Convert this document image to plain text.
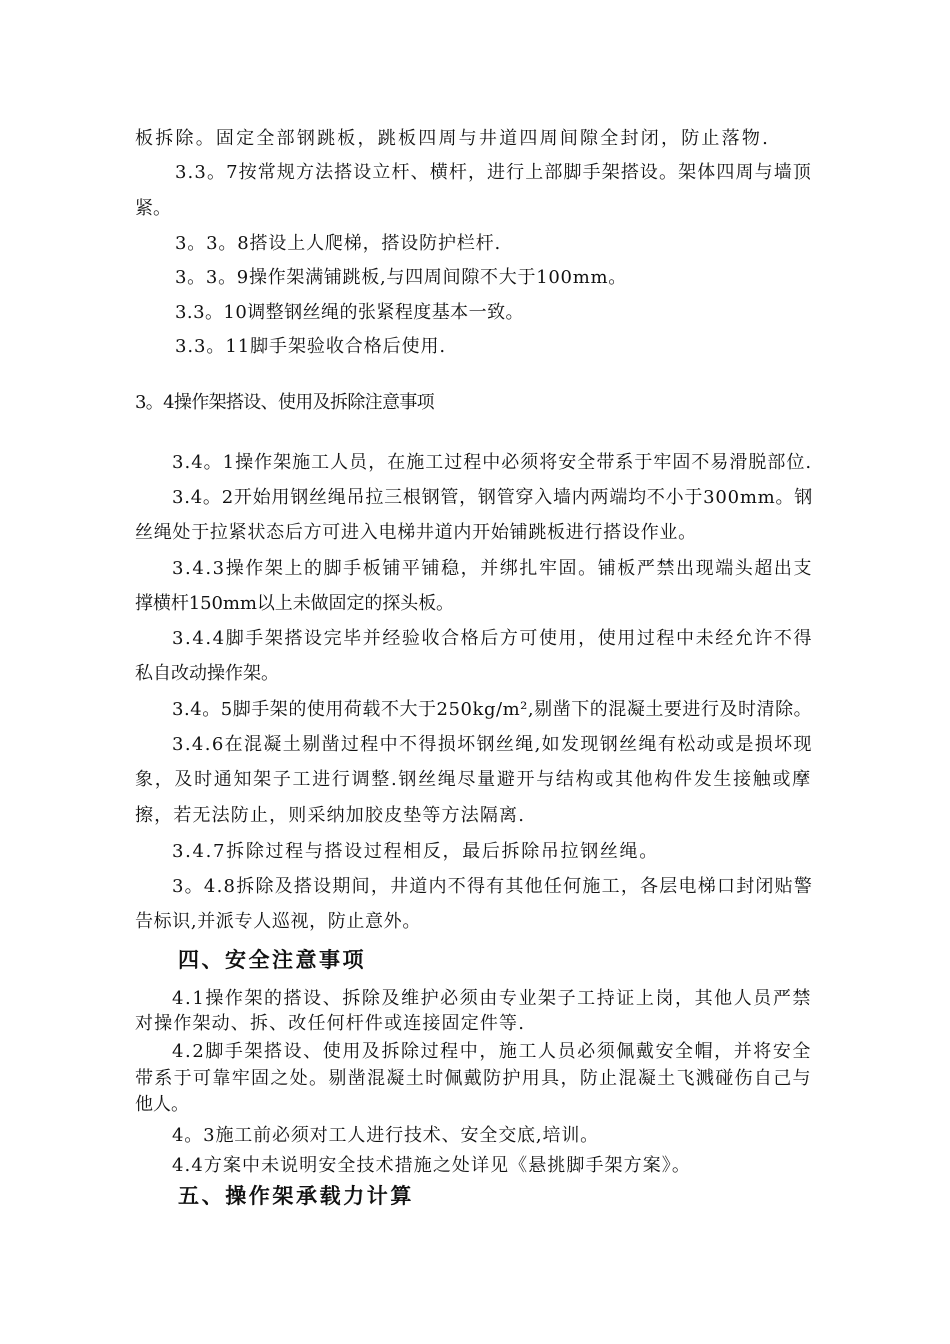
板拆除。固定全部钢跳板，跳板四周与井道四周间隙全封闭，防止落物.
3.3。7按常规方法搭设立杆、横杆，进行上部脚手架搭设。架体四周与墙顶
紧。
3。3。8搭设上人爬梯，搭设防护栏杆.
3。3。9操作架满铺跳板,与四周间隙不大于100mm。
3.3。10调整钢丝绳的张紧程度基本一致。
3.3。11脚手架验收合格后使用.
3。4操作架搭设、使用及拆除注意事项
3.4。1操作架施工人员，在施工过程中必须将安全带系于牢固不易滑脱部位.
3.4。2开始用钢丝绳吊拉三根钢管，钢管穿入墙内两端均不小于300mm。钢
丝绳处于拉紧状态后方可进入电梯井道内开始铺跳板进行搭设作业。
3.4.3操作架上的脚手板铺平铺稳，并绑扎牢固。铺板严禁出现端头超出支
撑横杆150mm以上未做固定的探头板。
3.4.4脚手架搭设完毕并经验收合格后方可使用，使用过程中未经允许不得
私自改动操作架。
3.4。5脚手架的使用荷载不大于250kg/m²,剔凿下的混凝土要进行及时清除。
3.4.6在混凝土剔凿过程中不得损坏钢丝绳,如发现钢丝绳有松动或是损坏现
象，及时通知架子工进行调整.钢丝绳尽量避开与结构或其他构件发生接触或摩
擦，若无法防止，则采纳加胶皮垫等方法隔离.
3.4.7拆除过程与搭设过程相反，最后拆除吊拉钢丝绳。
3。4.8拆除及搭设期间，井道内不得有其他任何施工，各层电梯口封闭贴警
告标识,并派专人巡视，防止意外。
四、安全注意事项
4.1操作架的搭设、拆除及维护必须由专业架子工持证上岗，其他人员严禁
对操作架动、拆、改任何杆件或连接固定件等.
4.2脚手架搭设、使用及拆除过程中，施工人员必须佩戴安全帽，并将安全
带系于可靠牢固之处。剔凿混凝土时佩戴防护用具，防止混凝土飞溅碰伤自己与
他人。
4。3施工前必须对工人进行技术、安全交底,培训。
4.4方案中未说明安全技术措施之处详见《悬挑脚手架方案》。
五、操作架承载力计算
